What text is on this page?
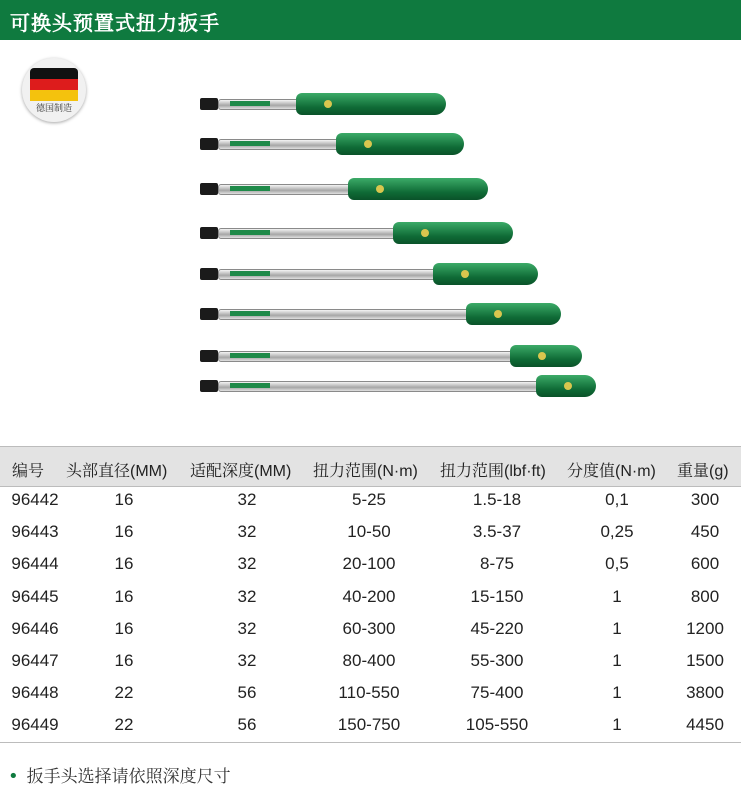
可换头预置式扭力扳手
德国制造
编号 头部直径(MM) 适配深度(MM) 扭力范围(N·m) 扭力范围(lbf·ft) 分度值(N·m) 重量(g)
96442	16	32	5-25	1.5-18	0,1	300
96443	16	32	10-50	3.5-37	0,25	450
96444	16	32	20-100	8-75	0,5	600
96445	16	32	40-200	15-150	1	800
96446	16	32	60-300	45-220	1	1200
96447	16	32	80-400	55-300	1	1500
96448	22	56	110-550	75-400	1	3800
96449	22	56	150-750	105-550	1	4450
• 扳手头选择请依照深度尺寸
